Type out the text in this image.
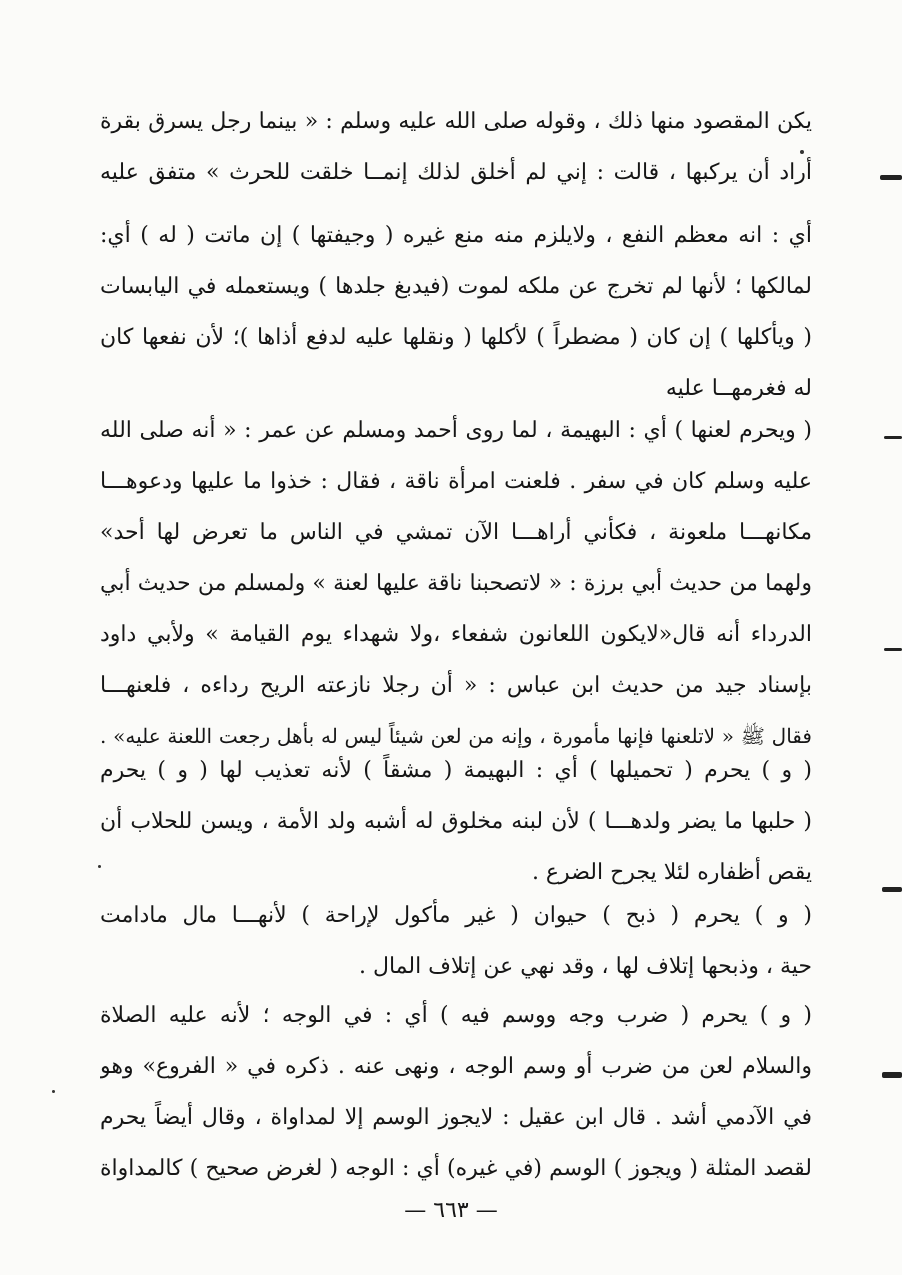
يكن المقصود منها ذلك ، وقوله صلى الله عليه وسلم : « بينما رجل يسرق بقرة
أراد أن يركبها ، قالت : إني لم أخلق لذلك إنمــا خلقت للحرث » متفق عليه
أي : انه معظم النفع ، ولايلزم منه منع غيره ( وجيفتها ) إن ماتت ( له ) أي:
لمالكها ؛ لأنها لم تخرج عن ملكه لموت (فيدبغ جلدها ) ويستعمله في اليابسات
( ويأكلها ) إن كان ( مضطراً ) لأكلها ( ونقلها عليه لدفع أذاها )؛ لأن نفعها كان
له فغرمهــا عليه
( ويحرم لعنها ) أي : البهيمة ، لما روى أحمد ومسلم عن عمر : « أنه صلى الله
عليه وسلم كان في سفر . فلعنت امرأة ناقة ، فقال : خذوا ما عليها ودعوهـــا
مكانهـــا ملعونة ، فكأني أراهـــا الآن تمشي في الناس ما تعرض لها أحد»
ولهما من حديث أبي برزة : « لاتصحبنا ناقة عليها لعنة » ولمسلم من حديث أبي
الدرداء أنه قال«لايكون اللعانون شفعاء ،ولا شهداء يوم القيامة » ولأبي داود
بإسناد جيد من حديث ابن عباس : « أن رجلا نازعته الريح رداءه ، فلعنهـــا
فقال ﷺ « لاتلعنها فإنها مأمورة ، وإنه من لعن شيئاً ليس له بأهل رجعت اللعنة عليه» .
( و ) يحرم ( تحميلها ) أي : البهيمة ( مشقاً ) لأنه تعذيب لها ( و ) يحرم
( حلبها ما يضر ولدهـــا ) لأن لبنه مخلوق له أشبه ولد الأمة ، ويسن للحلاب أن
يقص أظفاره لئلا يجرح الضرع .
( و ) يحرم ( ذبح ) حيوان ( غير مأكول لإراحة ) لأنهـــا مال مادامت
حية ، وذبحها إتلاف لها ، وقد نهي عن إتلاف المال .
( و ) يحرم ( ضرب وجه ووسم فيه ) أي : في الوجه ؛ لأنه عليه الصلاة
والسلام لعن من ضرب أو وسم الوجه ، ونهى عنه . ذكره في « الفروع» وهو
في الآدمي أشد . قال ابن عقيل : لايجوز الوسم إلا لمداواة ، وقال أيضاً يحرم
لقصد المثلة ( ويجوز ) الوسم (في غيره) أي : الوجه ( لغرض صحيح ) كالمداواة
— ٦٦٣ —
